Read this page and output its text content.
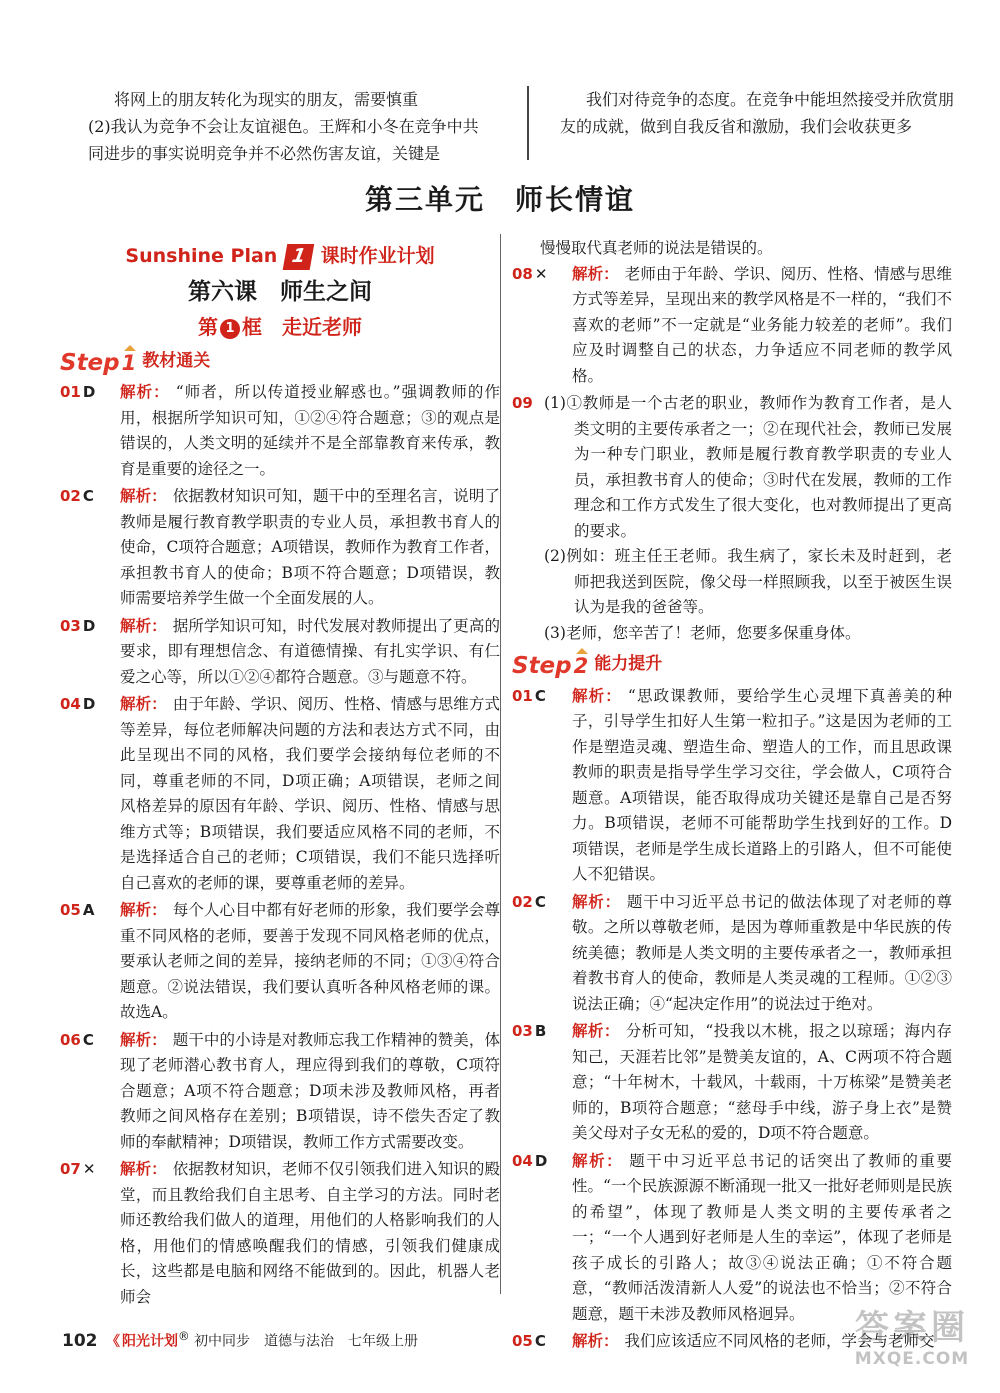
将网上的朋友转化为现实的朋友，需要慎重
(2)我认为竞争不会让友谊褪色。王辉和小冬在竞争中共同进步的事实说明竞争并不必然伤害友谊，关键是
我们对待竞争的态度。在竞争中能坦然接受并欣赏朋友的成就，做到自我反省和激励，我们会收获更多
第三单元　师长情谊
Sunshine Plan 1 课时作业计划
第六课　师生之间
第 1 框　走近老师
Step 1 教材通关
01 D	解析： “师者，所以传道授业解惑也。”强调教师的作用，根据所学知识可知，①②④符合题意；③的观点是错误的，人类文明的延续并不是全部靠教育来传承，教育是重要的途径之一。
02 C	解析： 依据教材知识可知，题干中的至理名言，说明了教师是履行教育教学职责的专业人员，承担教书育人的使命，C项符合题意；A项错误，教师作为教育工作者，承担教书育人的使命；B项不符合题意；D项错误，教师需要培养学生做一个全面发展的人。
03 D	解析： 据所学知识可知，时代发展对教师提出了更高的要求，即有理想信念、有道德情操、有扎实学识、有仁爱之心等，所以①②④都符合题意。③与题意不符。
04 D	解析： 由于年龄、学识、阅历、性格、情感与思维方式等差异，每位老师解决问题的方法和表达方式不同，由此呈现出不同的风格，我们要学会接纳每位老师的不同，尊重老师的不同，D项正确；A项错误，老师之间风格差异的原因有年龄、学识、阅历、性格、情感与思维方式等；B项错误，我们要适应风格不同的老师，不是选择适合自己的老师；C项错误，我们不能只选择听自己喜欢的老师的课，要尊重老师的差异。
05 A	解析： 每个人心目中都有好老师的形象，我们要学会尊重不同风格的老师，要善于发现不同风格老师的优点，要承认老师之间的差异，接纳老师的不同；①③④符合题意。②说法错误，我们要认真听各种风格老师的课。故选A。
06 C	解析： 题干中的小诗是对教师忘我工作精神的赞美，体现了老师潜心教书育人，理应得到我们的尊敬，C项符合题意；A项不符合题意；D项未涉及教师风格，再者教师之间风格存在差别；B项错误，诗不偿失否定了教师的奉献精神；D项错误，教师工作方式需要改变。
07 ✕	解析： 依据教材知识，老师不仅引领我们进入知识的殿堂，而且教给我们自主思考、自主学习的方法。同时老师还教给我们做人的道理，用他们的人格影响我们的人格，用他们的情感唤醒我们的情感，引领我们健康成长，这些都是电脑和网络不能做到的。因此，机器人老师会
慢慢取代真老师的说法是错误的。
08 ✕	解析： 老师由于年龄、学识、阅历、性格、情感与思维方式等差异，呈现出来的教学风格是不一样的，“我们不喜欢的老师”不一定就是“业务能力较差的老师”。我们应及时调整自己的状态，力争适应不同老师的教学风格。
09 (1)①教师是一个古老的职业，教师作为教育工作者，是人类文明的主要传承者之一；②在现代社会，教师已发展为一种专门职业，教师是履行教育教学职责的专业人员，承担教书育人的使命；③时代在发展，教师的工作理念和工作方式发生了很大变化，也对教师提出了更高的要求。
(2)例如：班主任王老师。我生病了，家长未及时赶到，老师把我送到医院，像父母一样照顾我，以至于被医生误认为是我的爸爸等。
(3)老师，您辛苦了！老师，您要多保重身体。
Step 2 能力提升
01 C	解析： “思政课教师，要给学生心灵埋下真善美的种子，引导学生扣好人生第一粒扣子。”这是因为老师的工作是塑造灵魂、塑造生命、塑造人的工作，而且思政课教师的职责是指导学生学习交往，学会做人，C项符合题意。A项错误，能否取得成功关键还是靠自己是否努力。B项错误，老师不可能帮助学生找到好的工作。D项错误，老师是学生成长道路上的引路人，但不可能使人不犯错误。
02 C	解析： 题干中习近平总书记的做法体现了对老师的尊敬。之所以尊敬老师，是因为尊师重教是中华民族的传统美德；教师是人类文明的主要传承者之一，教师承担着教书育人的使命，教师是人类灵魂的工程师。①②③说法正确；④“起决定作用”的说法过于绝对。
03 B	解析： 分析可知，“投我以木桃，报之以琼瑶；海内存知己，天涯若比邻”是赞美友谊的，A、C两项不符合题意；“十年树木，十载风，十载雨，十万栋梁”是赞美老师的，B项符合题意；“慈母手中线，游子身上衣”是赞美父母对子女无私的爱的，D项不符合题意。
04 D	解析： 题干中习近平总书记的话突出了教师的重要性。“一个民族源源不断涌现一批又一批好老师则是民族的希望”，体现了教师是人类文明的主要传承者之一；“一个人遇到好老师是人生的幸运”，体现了老师是孩子成长的引路人；故③④说法正确；①不符合题意，“教师活泼清新人人爱”的说法也不恰当；②不符合题意，题干未涉及教师风格迥异。
05 C	解析： 我们应该适应不同风格的老师，学会与老师交
102 《 阳光计划® 初中同步　道德与法治　七年级上册	答案圈
MXQE.COM
